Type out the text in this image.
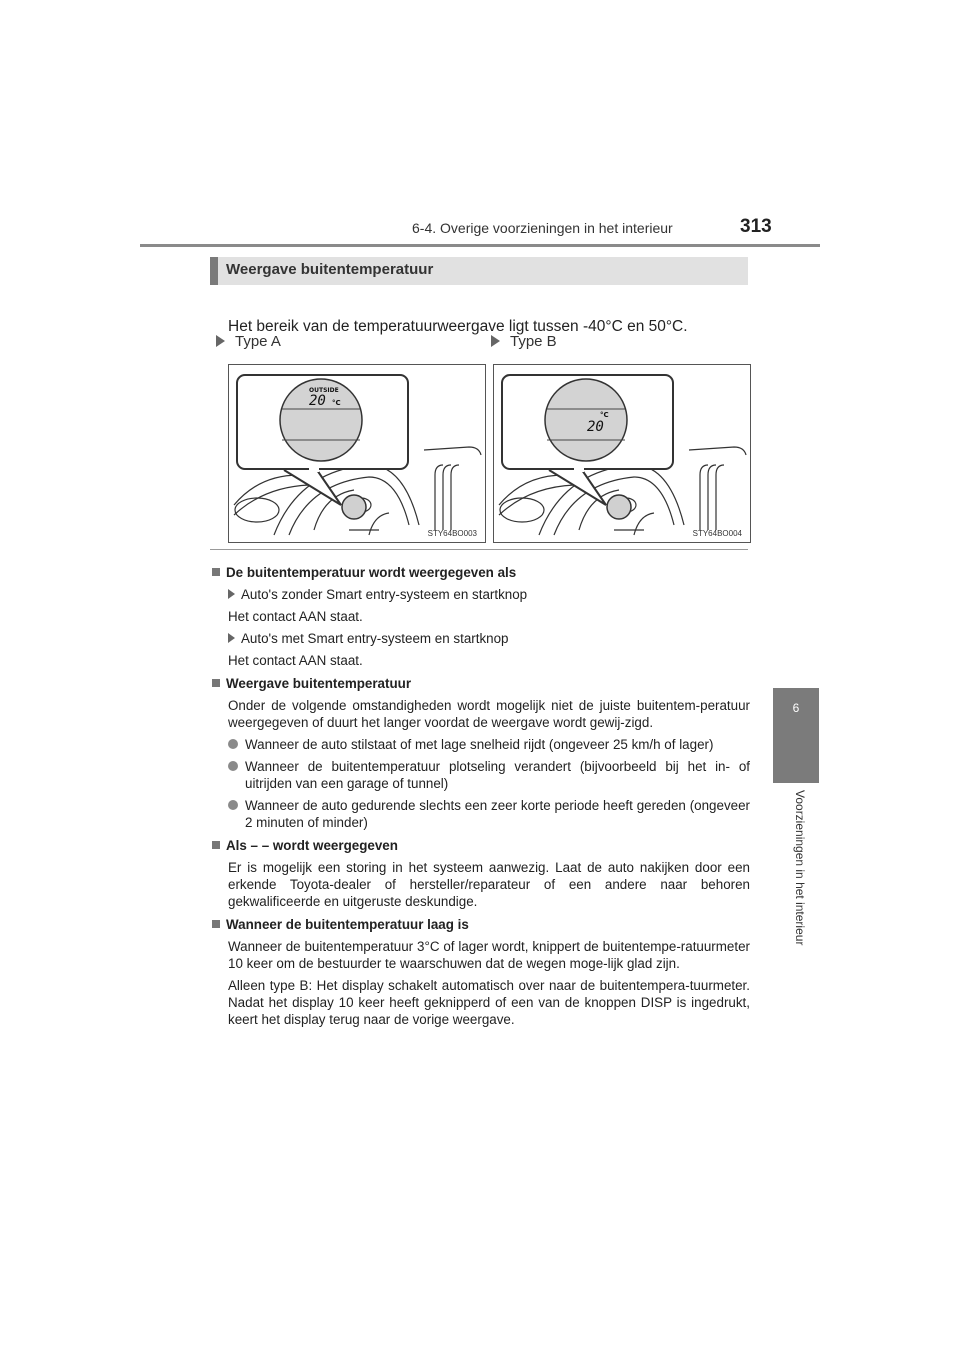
6-4. Overige voorzieningen in het interieur	313
6
Voorzieningen in het interieur
Weergave buitentemperatuur
Het bereik van de temperatuurweergave ligt tussen -40°C en 50°C.
Type A	Type B
OUTSIDE
20 °C
STY64BO003
°C
20
STY64BO004
De buitentemperatuur wordt weergegeven als
Auto's zonder Smart entry-systeem en startknop
Het contact AAN staat.
Auto's met Smart entry-systeem en startknop
Het contact AAN staat.
Weergave buitentemperatuur
Onder de volgende omstandigheden wordt mogelijk niet de juiste buitentem-peratuur weergegeven of duurt het langer voordat de weergave wordt gewij-zigd.
Wanneer de auto stilstaat of met lage snelheid rijdt (ongeveer 25 km/h of lager)
Wanneer de buitentemperatuur plotseling verandert (bijvoorbeeld bij het in- of uitrijden van een garage of tunnel)
Wanneer de auto gedurende slechts een zeer korte periode heeft gereden (ongeveer 2 minuten of minder)
Als – – wordt weergegeven
Er is mogelijk een storing in het systeem aanwezig. Laat de auto nakijken door een erkende Toyota-dealer of hersteller/reparateur of een andere naar behoren gekwalificeerde en uitgeruste deskundige.
Wanneer de buitentemperatuur laag is
Wanneer de buitentemperatuur 3°C of lager wordt, knippert de buitentempe-ratuurmeter 10 keer om de bestuurder te waarschuwen dat de wegen moge-lijk glad zijn.
Alleen type B: Het display schakelt automatisch over naar de buitentempera-tuurmeter. Nadat het display 10 keer heeft geknipperd of een van de knoppen DISP is ingedrukt, keert het display terug naar de vorige weergave.
